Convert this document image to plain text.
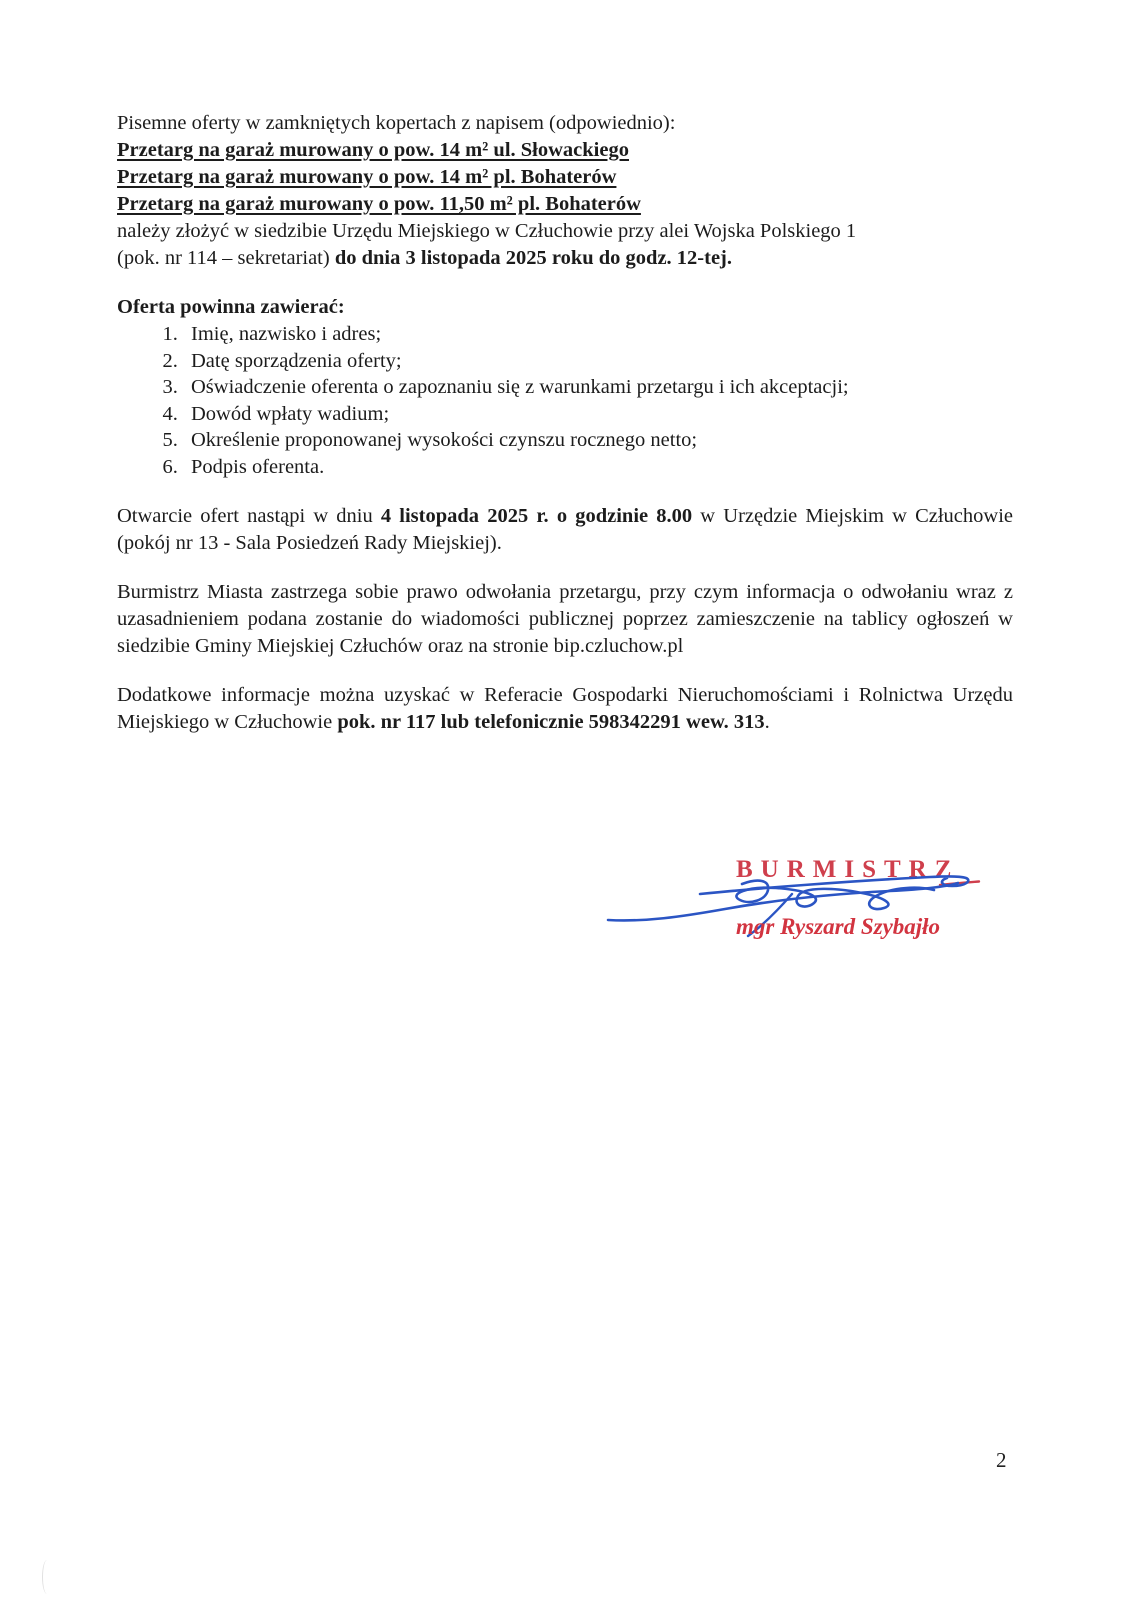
Pisemne oferty w zamkniętych kopertach z napisem (odpowiednio):

Przetarg na garaż murowany o pow. 14 m² ul. Słowackiego

Przetarg na garaż murowany o pow. 14 m² pl. Bohaterów

Przetarg na garaż murowany o pow. 11,50 m² pl. Bohaterów

należy złożyć w siedzibie Urzędu Miejskiego w Człuchowie przy alei Wojska Polskiego 1

(pok. nr 114 – sekretariat) do dnia 3 listopada 2025 roku do godz. 12-tej.

Oferta powinna zawierać:

1. Imię, nazwisko i adres;
2. Datę sporządzenia oferty;
3. Oświadczenie oferenta o zapoznaniu się z warunkami przetargu i ich akceptacji;
4. Dowód wpłaty wadium;
5. Określenie proponowanej wysokości czynszu rocznego netto;
6. Podpis oferenta.

Otwarcie ofert nastąpi w dniu 4 listopada 2025 r. o godzinie 8.00 w Urzędzie Miejskim w Człuchowie (pokój nr 13 - Sala Posiedzeń Rady Miejskiej).

Burmistrz Miasta zastrzega sobie prawo odwołania przetargu, przy czym informacja o odwołaniu wraz z uzasadnieniem podana zostanie do wiadomości publicznej poprzez zamieszczenie na tablicy ogłoszeń w siedzibie Gminy Miejskiej Człuchów oraz na stronie bip.czluchow.pl

Dodatkowe informacje można uzyskać w Referacie Gospodarki Nieruchomościami i Rolnictwa Urzędu Miejskiego w Człuchowie pok. nr 117 lub telefonicznie 598342291 wew. 313.

BURMISTRZ
mgr Ryszard Szybajło
2
